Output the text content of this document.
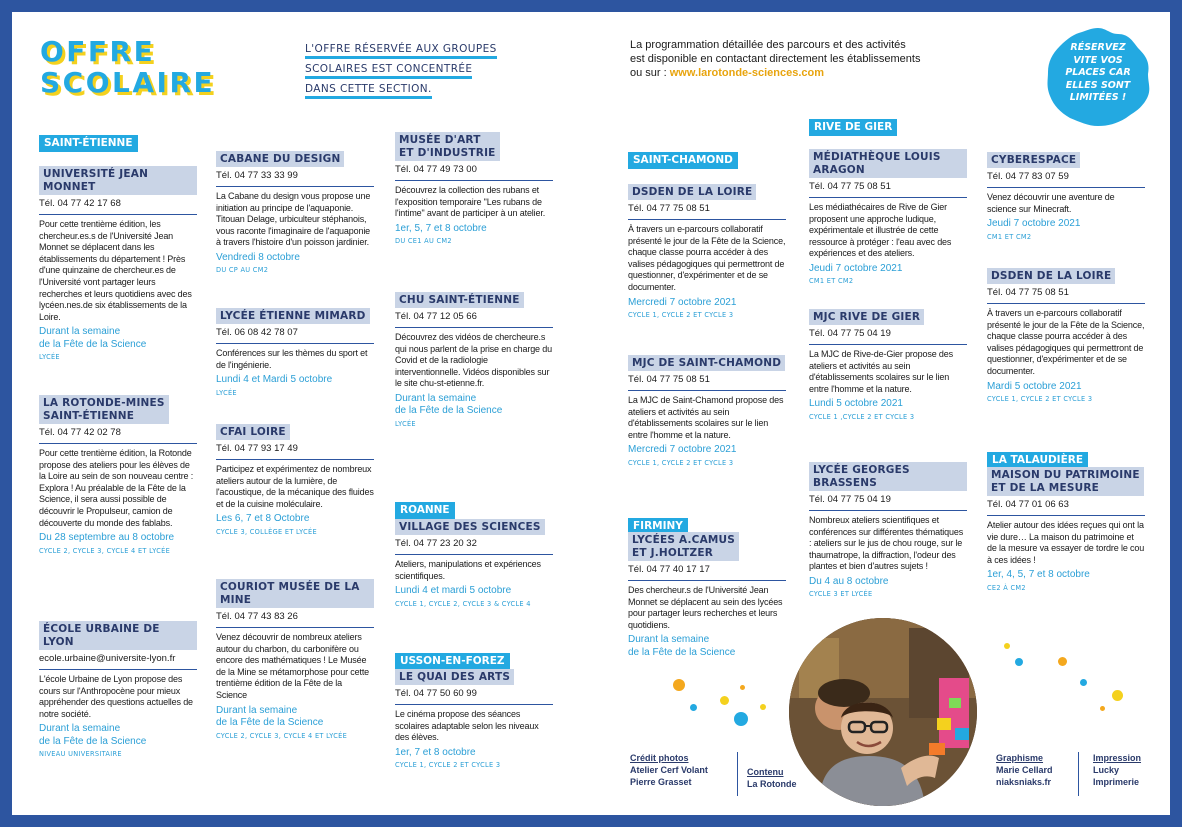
OFFRE
SCOLAIRE
L'OFFRE RÉSERVÉE AUX GROUPES
SCOLAIRES EST CONCENTRÉE
DANS CETTE SECTION.
La programmation détaillée des parcours et des activités
est disponible en contactant directement les établissements
ou sur : www.larotonde-sciences.com
RÉSERVEZ
VITE VOS
PLACES CAR
ELLES SONT
LIMITÉES !
SAINT-ÉTIENNE
UNIVERSITÉ JEAN MONNET
Tél. 04 77 42 17 68
Pour cette trentième édition, les chercheur.es.s de l'Université Jean Monnet se déplacent dans les établissements du département ! Près d'une quinzaine de chercheur.es de l'Université vont partager leurs recherches et leurs quotidiens avec des lycéen.nes.de six établissements de la Loire.
Durant la semaine
de la Fête de la Science
LYCÉE
LA ROTONDE-MINES
SAINT-ÉTIENNE
Tél. 04 77 42 02 78
Pour cette trentième édition, la Rotonde propose des ateliers pour les élèves de la Loire au sein de son nouveau centre : Explora ! Au préalable de la Fête de la Science, il sera aussi possible de découvrir le Propulseur, camion de découverte du monde des fablabs.
Du 28 septembre au 8 octobre
CYCLE 2, CYCLE 3, CYCLE 4 ET LYCÉE
ÉCOLE URBAINE DE LYON
ecole.urbaine@universite-lyon.fr
L'école Urbaine de Lyon propose des cours sur l'Anthropocène pour mieux appréhender des questions actuelles de notre société.
Durant la semaine
de la Fête de la Science
NIVEAU UNIVERSITAIRE
CABANE DU DESIGN
Tél. 04 77 33 33 99
La Cabane du design vous propose une initiation au principe de l'aquaponie. Titouan Delage, urbiculteur stéphanois, vous raconte l'imaginaire de l'aquaponie à travers l'histoire d'un poisson jardinier.
Vendredi 8 octobre
DU CP AU CM2
LYCÉE ÉTIENNE MIMARD
Tél. 06 08 42 78 07
Conférences sur les thèmes du sport et de l'ingénierie.
Lundi 4 et Mardi 5 octobre
LYCÉE
CFAI LOIRE
Tél. 04 77 93 17 49
Participez et expérimentez de nombreux ateliers autour de la lumière, de l'acoustique, de la mécanique des fluides et de la cuisine moléculaire.
Les 6, 7 et 8 Octobre
CYCLE 3, COLLÈGE ET LYCÉE
COURIOT MUSÉE DE LA MINE
Tél. 04 77 43 83 26
Venez découvrir de nombreux ateliers autour du charbon, du carbonifère ou encore des mathématiques ! Le Musée de la Mine se métamorphose pour cette trentième édition de la Fête de la Science
Durant la semaine
de la Fête de la Science
CYCLE 2, CYCLE 3, CYCLE 4 ET LYCÉE
MUSÉE D'ART
ET D'INDUSTRIE
Tél. 04 77 49 73 00
Découvrez la collection des rubans et l'exposition temporaire "Les rubans de l'intime" avant de participer à un atelier.
1er, 5, 7 et 8 octobre
DU CE1 AU CM2
CHU SAINT-ÉTIENNE
Tél. 04 77 12 05 66
Découvrez des vidéos de chercheure.s qui nous parlent de la prise en charge du Covid et de la radiologie interventionnelle. Vidéos disponibles sur le site chu-st-etienne.fr.
Durant la semaine
de la Fête de la Science
LYCÉE
ROANNE
VILLAGE DES SCIENCES
Tél. 04 77 23 20 32
Ateliers, manipulations et expériences scientifiques.
Lundi 4 et mardi 5 octobre
CYCLE 1, CYCLE 2, CYCLE 3 & CYCLE 4
USSON-EN-FOREZ
LE QUAI DES ARTS
Tél. 04 77 50 60 99
Le cinéma propose des séances scolaires adaptable selon les niveaux des élèves.
1er, 7 et 8 octobre
CYCLE 1, CYCLE 2 ET CYCLE 3
SAINT-CHAMOND
DSDEN DE LA LOIRE
Tél. 04 77 75 08 51
À travers un e-parcours collaboratif présenté le jour de la Fête de la Science, chaque classe pourra accéder à des valises pédagogiques qui permettront de questionner, d'expérimenter et de se documenter.
Mercredi 7 octobre 2021
CYCLE 1, CYCLE 2 ET CYCLE 3
MJC DE SAINT-CHAMOND
Tél. 04 77 75 08 51
La MJC de Saint-Chamond propose des ateliers et activités au sein d'établissements scolaires sur le lien entre l'homme et la nature.
Mercredi 7 octobre 2021
CYCLE 1, CYCLE 2 ET CYCLE 3
FIRMINY
LYCÉES A.CAMUS
ET J.HOLTZER
Tél. 04 77 40 17 17
Des chercheur.s de l'Université Jean Monnet se déplacent au sein des lycées pour partager leurs recherches et leurs quotidiens.
Durant la semaine
de la Fête de la Science
RIVE DE GIER
MÉDIATHÈQUE LOUIS ARAGON
Tél. 04 77 75 08 51
Les médiathécaires de Rive de Gier proposent une approche ludique, expérimentale et illustrée de cette ressource à protéger : l'eau avec des expériences et des ateliers.
Jeudi 7 octobre 2021
CM1 ET CM2
MJC RIVE DE GIER
Tél. 04 77 75 04 19
La MJC de Rive-de-Gier propose des ateliers et activités au sein d'établissements scolaires sur le lien entre l'homme et la nature.
Lundi 5 octobre 2021
CYCLE 1 ,CYCLE 2 ET CYCLE 3
LYCÉE GEORGES BRASSENS
Tél. 04 77 75 04 19
Nombreux ateliers scientifiques et conférences sur différentes thématiques : ateliers sur le jus de chou rouge, sur le thaumatrope, la diffraction, l'odeur des plantes et bien d'autres sujets !
Du 4 au 8 octobre
CYCLE 3 ET LYCÉE
CYBERESPACE
Tél. 04 77 83 07 59
Venez découvrir une aventure de science sur Minecraft.
Jeudi 7 octobre 2021
CM1 ET CM2
DSDEN DE LA LOIRE
Tél. 04 77 75 08 51
À travers un e-parcours collaboratif présenté le jour de la Fête de la Science, chaque classe pourra accéder à des valises pédagogiques qui permettront de questionner, d'expérimenter et de se documenter.
Mardi 5 octobre 2021
CYCLE 1, CYCLE 2 ET CYCLE 3
LA TALAUDIÈRE
MAISON DU PATRIMOINE
ET DE LA MESURE
Tél. 04 77 01 06 63
Atelier autour des idées reçues qui ont la vie dure… La maison du patrimoine et de la mesure va essayer de tordre le cou à ces idées !
1er, 4, 5, 7 et 8 octobre
CE2 À CM2
Crédit photos
Atelier Cerf Volant
Pierre Grasset
Contenu
La Rotonde
Graphisme
Marie Cellard
niaksniaks.fr
Impression
Lucky
Imprimerie
